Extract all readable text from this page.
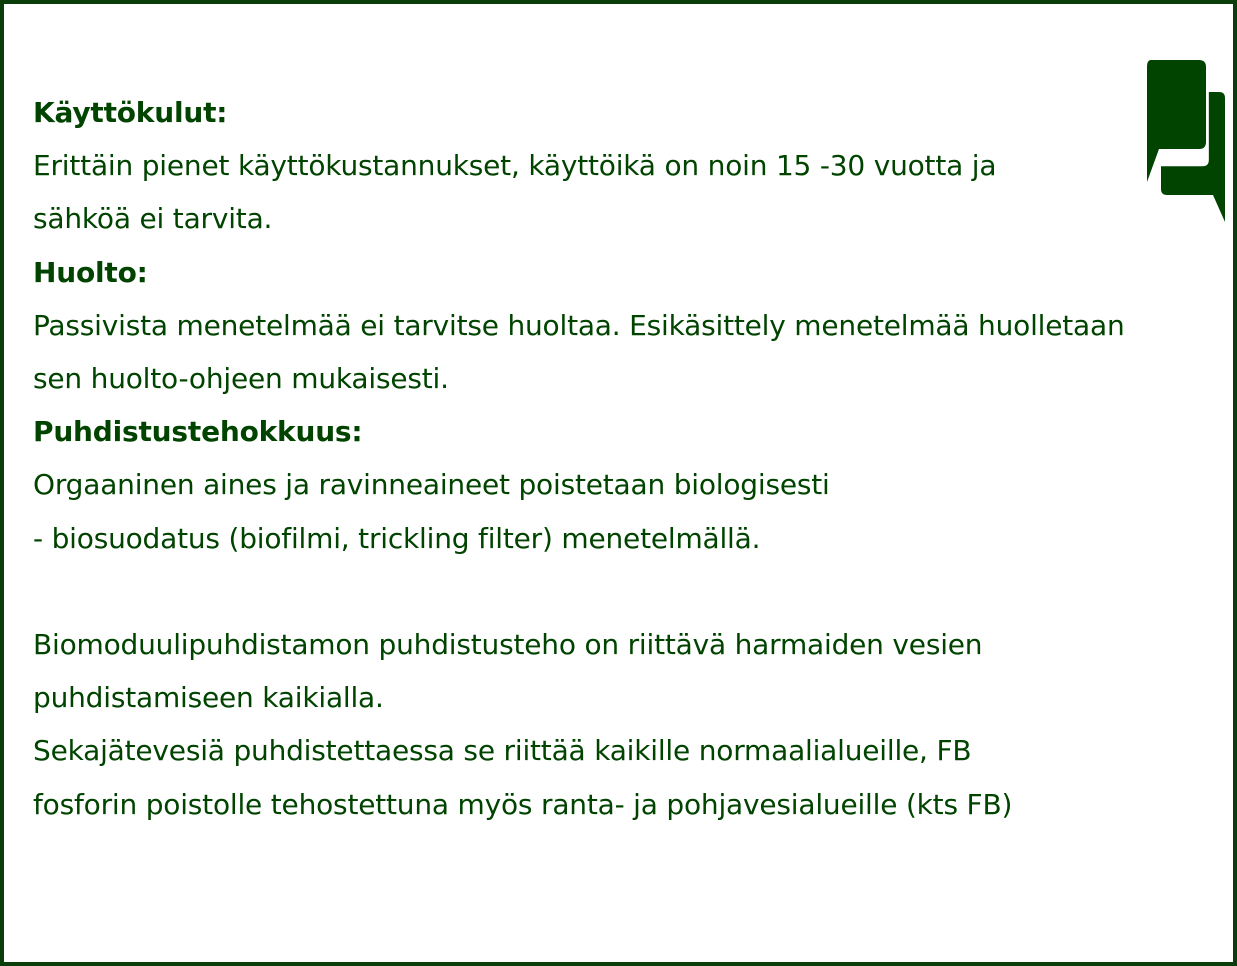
Käyttökulut:
Erittäin pienet käyttökustannukset, käyttöikä on noin 15 -30 vuotta ja
sähköä ei tarvita.
Huolto:
Passivista menetelmää ei tarvitse huoltaa. Esikäsittely menetelmää huolletaan
sen huolto-ohjeen mukaisesti.
Puhdistustehokkuus:
Orgaaninen aines ja ravinneaineet poistetaan biologisesti
- biosuodatus (biofilmi, trickling filter) menetelmällä.
Biomoduulipuhdistamon puhdistusteho on riittävä harmaiden vesien
puhdistamiseen kaikialla.
Sekajätevesiä puhdistettaessa se riittää kaikille normaalialueille, FB
fosforin poistolle tehostettuna myös ranta- ja pohjavesialueille (kts FB)
